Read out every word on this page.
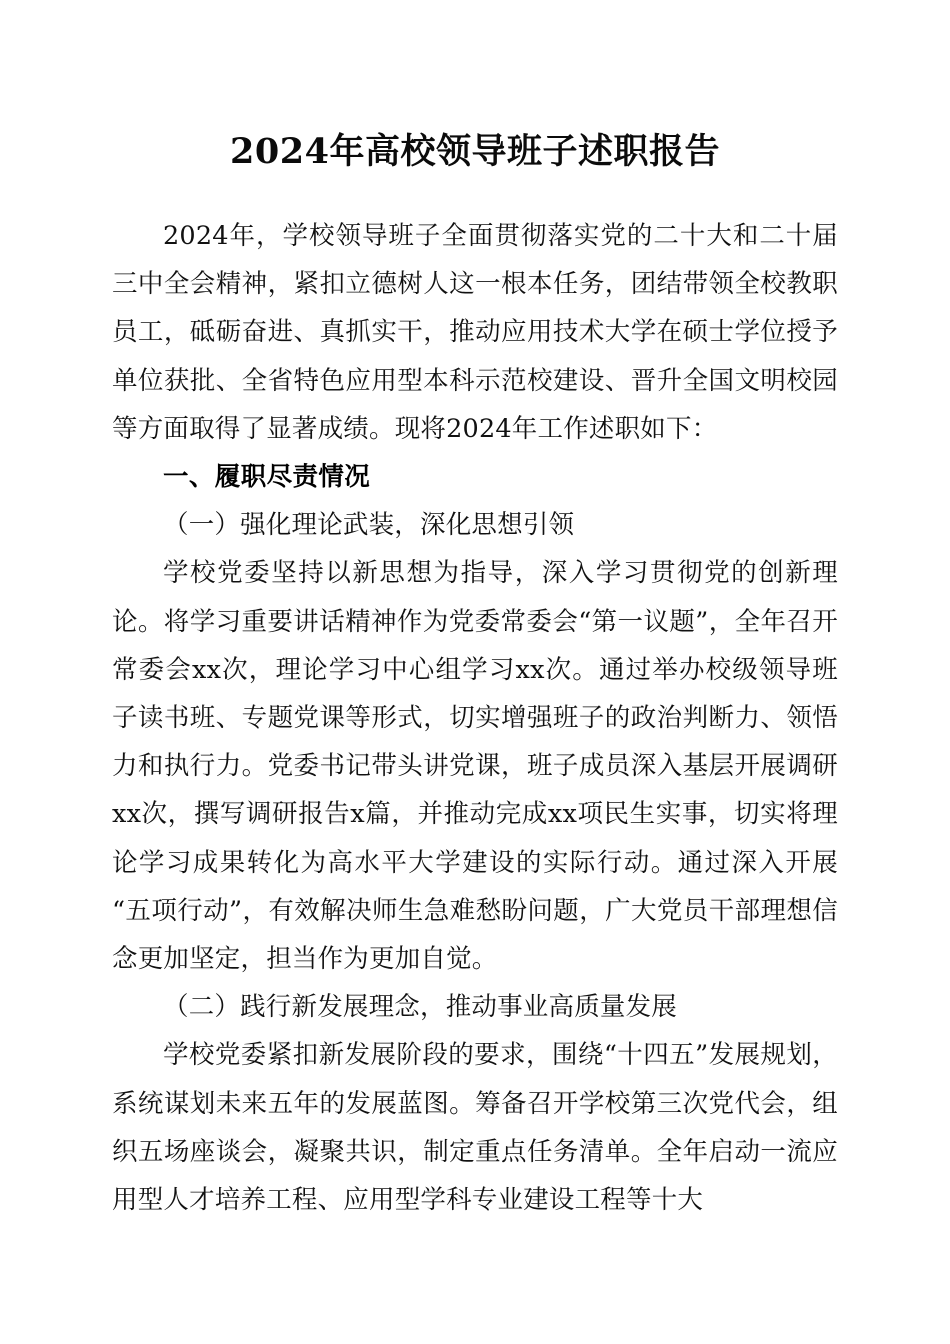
2024年高校领导班子述职报告

2024年，学校领导班子全面贯彻落实党的二十大和二十届三中全会精神，紧扣立德树人这一根本任务，团结带领全校教职员工，砥砺奋进、真抓实干，推动应用技术大学在硕士学位授予单位获批、全省特色应用型本科示范校建设、晋升全国文明校园等方面取得了显著成绩。现将2024年工作述职如下：

一、履职尽责情况

（一）强化理论武装，深化思想引领

学校党委坚持以新思想为指导，深入学习贯彻党的创新理论。将学习重要讲话精神作为党委常委会“第一议题”，全年召开常委会xx次，理论学习中心组学习xx次。通过举办校级领导班子读书班、专题党课等形式，切实增强班子的政治判断力、领悟力和执行力。党委书记带头讲党课，班子成员深入基层开展调研xx次，撰写调研报告x篇，并推动完成xx项民生实事，切实将理论学习成果转化为高水平大学建设的实际行动。通过深入开展“五项行动”，有效解决师生急难愁盼问题，广大党员干部理想信念更加坚定，担当作为更加自觉。

（二）践行新发展理念，推动事业高质量发展

学校党委紧扣新发展阶段的要求，围绕“十四五”发展规划，系统谋划未来五年的发展蓝图。筹备召开学校第三次党代会，组织五场座谈会，凝聚共识，制定重点任务清单。全年启动一流应用型人才培养工程、应用型学科专业建设工程等十大
